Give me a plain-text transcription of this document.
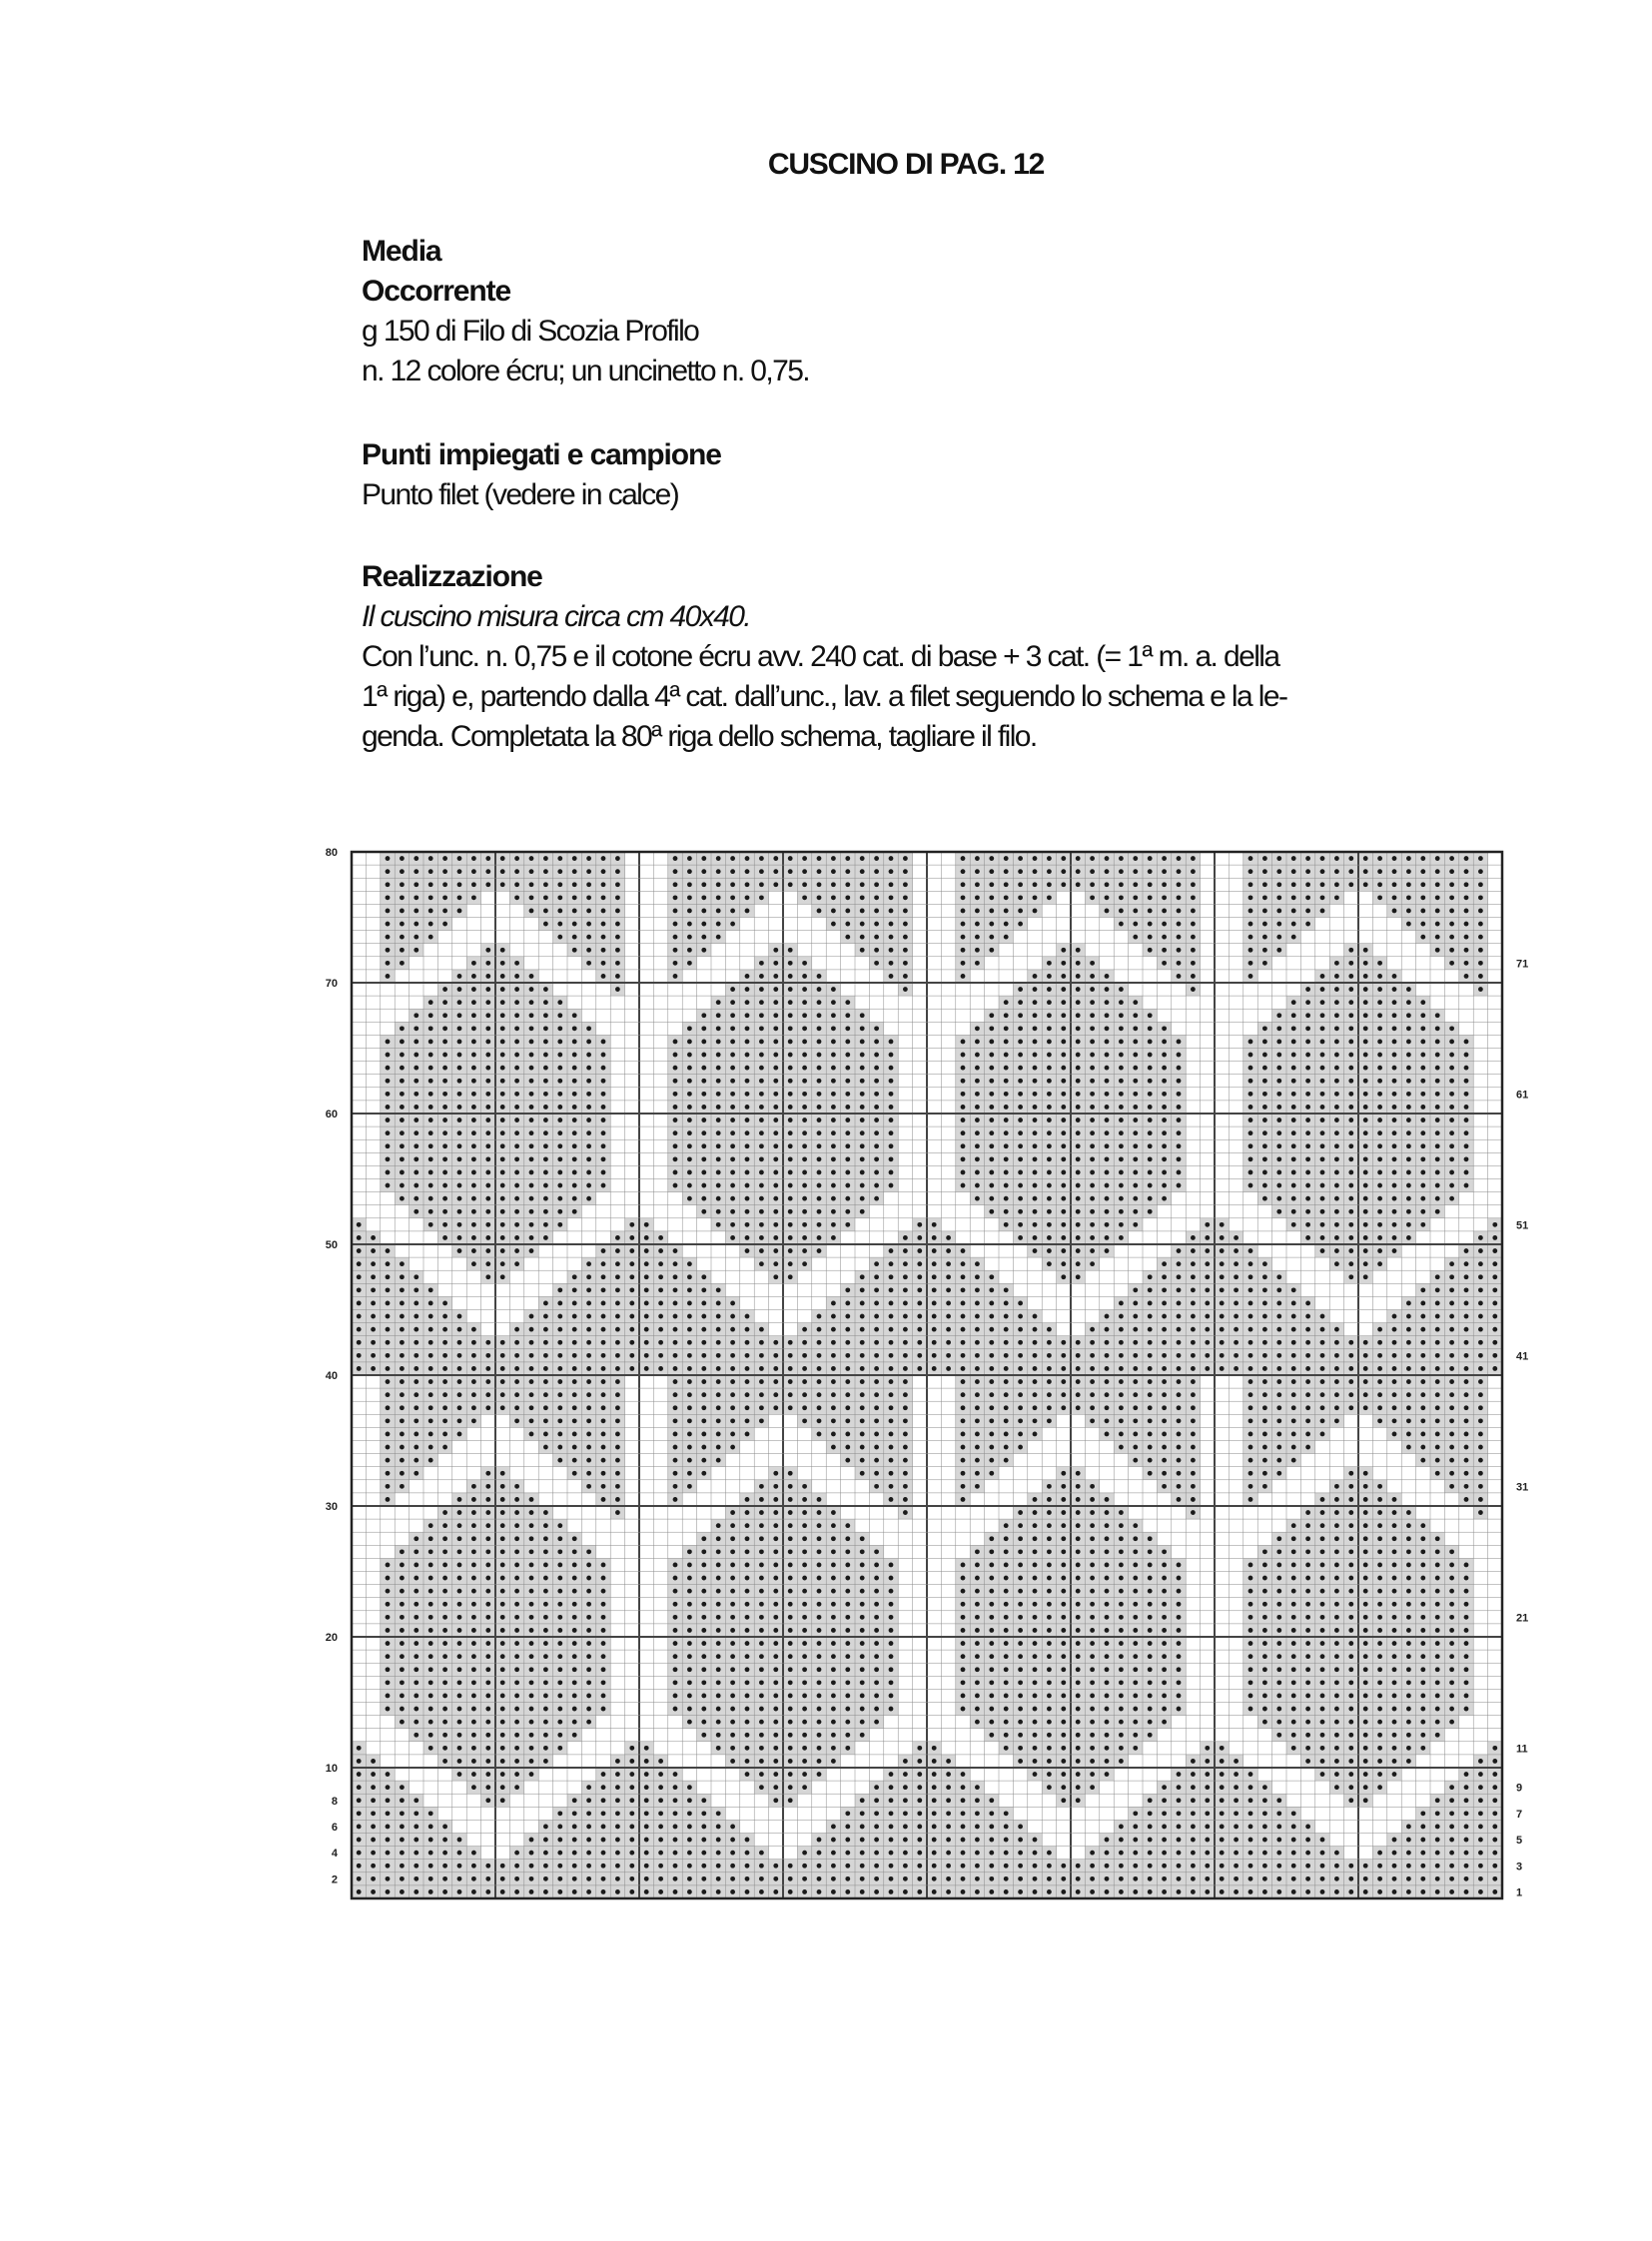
CUSCINO DI PAG. 12

Media

Occorrente

g 150 di Filo di Scozia Profilo

n. 12 colore écru; un uncinetto n. 0,75.

Punti impiegati e campione

Punto filet (vedere in calce)

Realizzazione

Il cuscino misura circa cm 40x40.

Con l’unc. n. 0,75 e il cotone écru avv. 240 cat. di base + 3 cat. (= 1ª m. a. della

1ª riga) e, partendo dalla 4ª cat. dall’unc., lav. a filet seguendo lo schema e la le-

genda. Completata la 80ª riga dello schema, tagliare il filo.

2
4
6
8
10
20
30
40
50
60
70
80
1
3
5
7
9
11
21
31
41
51
61
71
